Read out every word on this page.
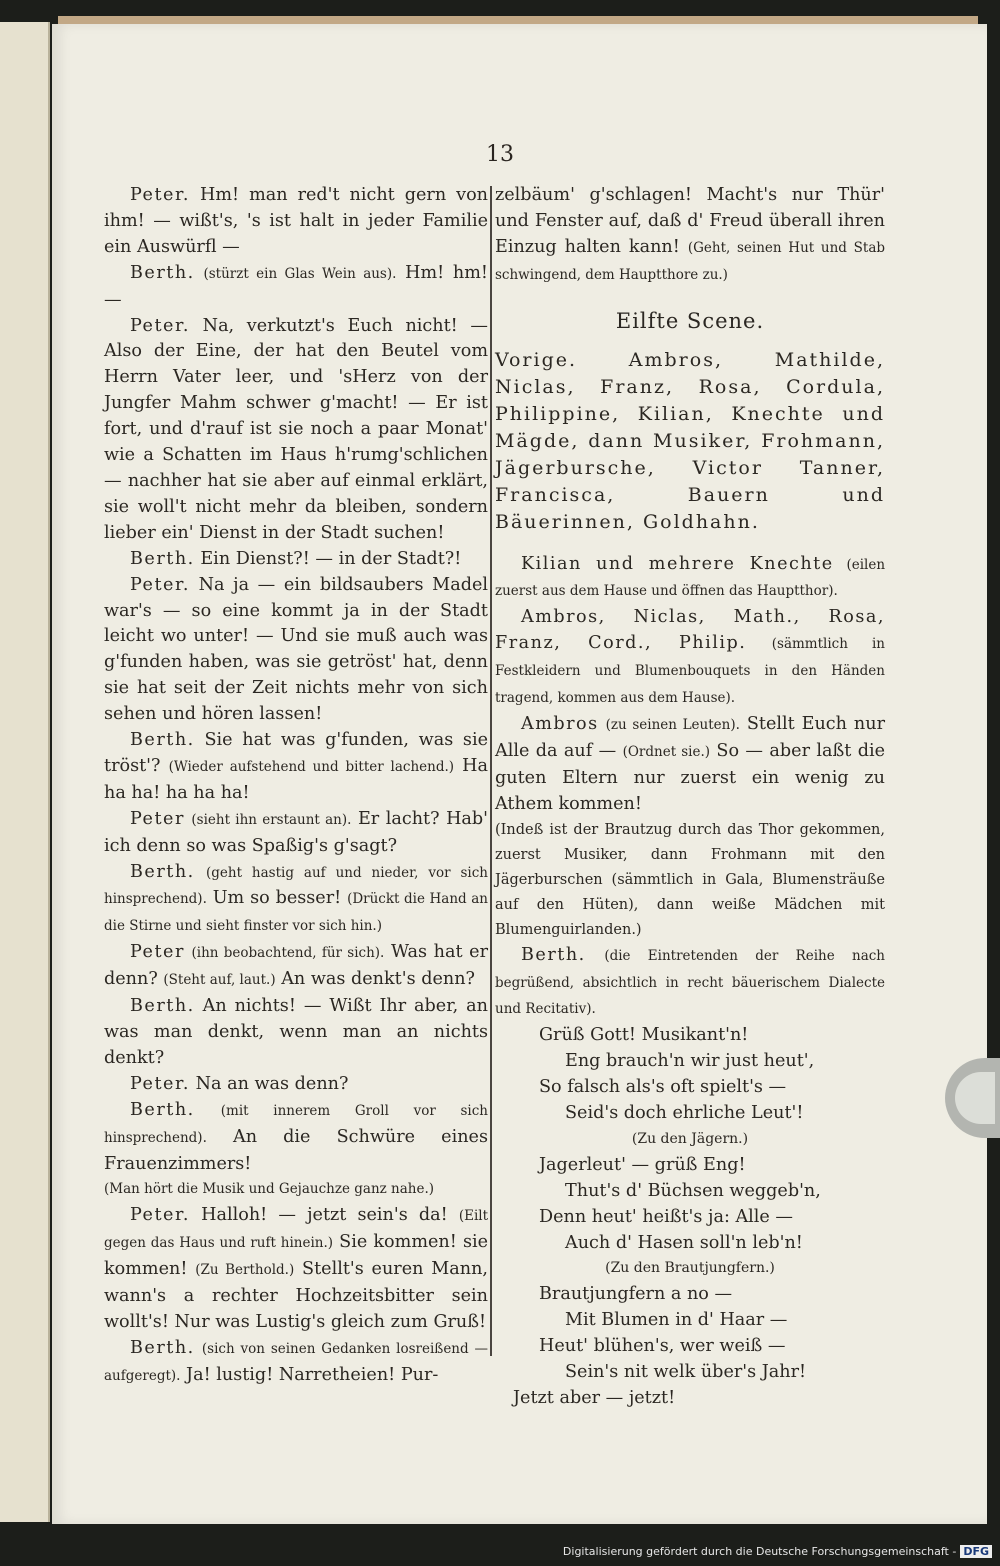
13

Peter. Hm! man red't nicht gern von ihm! — wißt's, 's ist halt in jeder Familie ein Auswürfl —

Berth. (stürzt ein Glas Wein aus). Hm! hm! —

Peter. Na, verkutzt's Euch nicht! — Also der Eine, der hat den Beutel vom Herrn Vater leer, und 'sHerz von der Jungfer Mahm schwer g'macht! — Er ist fort, und d'rauf ist sie noch a paar Monat' wie a Schatten im Haus h'rumg'schlichen — nachher hat sie aber auf einmal erklärt, sie woll't nicht mehr da bleiben, sondern lieber ein' Dienst in der Stadt suchen!

Berth. Ein Dienst?! — in der Stadt?!

Peter. Na ja — ein bildsaubers Madel war's — so eine kommt ja in der Stadt leicht wo unter! — Und sie muß auch was g'funden haben, was sie getröst' hat, denn sie hat seit der Zeit nichts mehr von sich sehen und hören lassen!

Berth. Sie hat was g'funden, was sie tröst'? (Wieder aufstehend und bitter lachend.) Ha ha ha! ha ha ha!

Peter (sieht ihn erstaunt an). Er lacht? Hab' ich denn so was Spaßig's g'sagt?

Berth. (geht hastig auf und nieder, vor sich hinsprechend). Um so besser! (Drückt die Hand an die Stirne und sieht finster vor sich hin.)

Peter (ihn beobachtend, für sich). Was hat er denn? (Steht auf, laut.) An was denkt's denn?

Berth. An nichts! — Wißt Ihr aber, an was man denkt, wenn man an nichts denkt?

Peter. Na an was denn?

Berth. (mit innerem Groll vor sich hinsprechend). An die Schwüre eines Frauenzimmers!

(Man hört die Musik und Gejauchze ganz nahe.)

Peter. Halloh! — jetzt sein's da! (Eilt gegen das Haus und ruft hinein.) Sie kommen! sie kommen! (Zu Berthold.) Stellt's euren Mann, wann's a rechter Hochzeitsbitter sein wollt's! Nur was Lustig's gleich zum Gruß!

Berth. (sich von seinen Gedanken losreißend — aufgeregt). Ja! lustig! Narretheien! Pur-

zelbäum' g'schlagen! Macht's nur Thür' und Fenster auf, daß d' Freud überall ihren Einzug halten kann! (Geht, seinen Hut und Stab schwingend, dem Hauptthore zu.)

Eilfte Scene.

Vorige. Ambros, Mathilde, Niclas, Franz, Rosa, Cordula, Philippine, Kilian, Knechte und Mägde, dann Musiker, Frohmann, Jägerbursche, Victor Tanner, Francisca, Bauern und Bäuerinnen, Goldhahn.

Kilian und mehrere Knechte (eilen zuerst aus dem Hause und öffnen das Hauptthor).

Ambros, Niclas, Math., Rosa, Franz, Cord., Philip. (sämmtlich in Festkleidern und Blumenbouquets in den Händen tragend, kommen aus dem Hause).

Ambros (zu seinen Leuten). Stellt Euch nur Alle da auf — (Ordnet sie.) So — aber laßt die guten Eltern nur zuerst ein wenig zu Athem kommen!

(Indeß ist der Brautzug durch das Thor gekommen, zuerst Musiker, dann Frohmann mit den Jägerburschen (sämmtlich in Gala, Blumensträuße auf den Hüten), dann weiße Mädchen mit Blumenguirlanden.)

Berth. (die Eintretenden der Reihe nach begrüßend, absichtlich in recht bäuerischem Dialecte und Recitativ).

Grüß Gott! Musikant'n!

Eng brauch'n wir just heut',

So falsch als's oft spielt's —

Seid's doch ehrliche Leut'!

(Zu den Jägern.)

Jagerleut' — grüß Eng!

Thut's d' Büchsen weggeb'n,

Denn heut' heißt's ja: Alle —

Auch d' Hasen soll'n leb'n!

(Zu den Brautjungfern.)

Brautjungfern a no —

Mit Blumen in d' Haar —

Heut' blühen's, wer weiß —

Sein's nit welk über's Jahr!

Jetzt aber — jetzt!

Digitalisierung gefördert durch die Deutsche Forschungsgemeinschaft - DFG
